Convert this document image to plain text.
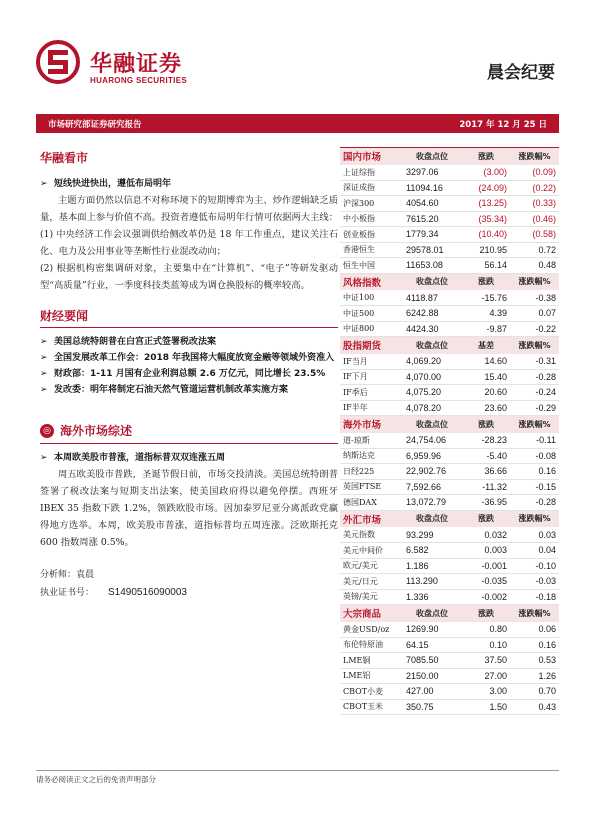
华融证券
HUARONG SECURITIES	晨会纪要
市场研究部证券研究报告	2017 年 12 月 25 日
华融看市
➢ 短线快进快出，遵低布局明年

主题方面仍然以信息不对称环境下的短期博弈为主、炒作逻辑缺乏质量，基本面上参与价值不高。投资者遵低布局明年行情可依据两大主线：(1) 中央经济工作会议强调供给侧改革仍是 18 年工作重点，建议关注石化、电力及公用事业等垄断性行业混改动向；

(2) 根据机构密集调研对象，主要集中在“计算机”、“电子”等研发驱动型“高质量”行业，一季度科技类蓝筹成为调仓换股标的概率较高。

财经要闻
➢ 美国总统特朗普在白宫正式签署税改法案
➢ 全国发展改革工作会：2018 年我国将大幅度放宽金融等领域外资准入
➢ 财政部：1-11 月国有企业利润总额 2.6 万亿元，同比增长 23.5%
➢ 发改委：明年将制定石油天然气管道运营机制改革实施方案
◎ 海外市场综述
➢ 本周欧美股市普涨，道指标普双双连涨五周

周五欧美股市普跌，圣诞节假日前，市场交投清淡。美国总统特朗普签署了税改法案与短期支出法案，使美国政府得以避免停摆。西班牙 IBEX 35 指数下跌 1.2%，领跌欧股市场。因加泰罗尼亚分离派政党赢得地方选举。本周，欧美股市普涨，道指标普均五周连涨。泛欧斯托克 600 指数周涨 0.5%。

分析师：袁晨
执业证书号： S1490516090003
国内市场	收盘点位	涨跌	涨跌幅%
上证综指	3297.06	(3.00)	(0.09)
深证成指	11094.16	(24.09)	(0.22)
沪深300	4054.60	(13.25)	(0.33)
中小板指	7615.20	(35.34)	(0.46)
创业板指	1779.34	(10.40)	(0.58)
香港恒生	29578.01	210.95	0.72
恒生中国	11653.08	56.14	0.48
风格指数	收盘点位	涨跌	涨跌幅%
中证100	4118.87	-15.76	-0.38
中证500	6242.88	4.39	0.07
中证800	4424.30	-9.87	-0.22
股指期货	收盘点位	基差	涨跌幅%
IF当月	4,069.20	14.60	-0.31
IF下月	4,070.00	15.40	-0.28
IF季后	4,075.20	20.60	-0.24
IF半年	4,078.20	23.60	-0.29
海外市场	收盘点位	涨跌	涨跌幅%
道-琼斯	24,754.06	-28.23	-0.11
纳斯达克	6,959.96	-5.40	-0.08
日经225	22,902.76	36.66	0.16
英国FTSE	7,592.66	-11.32	-0.15
德国DAX	13,072.79	-36.95	-0.28
外汇市场	收盘点位	涨跌	涨跌幅%
美元指数	93.299	0.032	0.03
美元中间价	6.582	0.003	0.04
欧元/美元	1.186	-0.001	-0.10
美元/日元	113.290	-0.035	-0.03
英镑/美元	1.336	-0.002	-0.18
大宗商品	收盘点位	涨跌	涨跌幅%
黄金USD/oz	1269.90	0.80	0.06
布伦特原油	64.15	0.10	0.16
LME铜	7085.50	37.50	0.53
LME铝	2150.00	27.00	1.26
CBOT小麦	427.00	3.00	0.70
CBOT玉米	350.75	1.50	0.43
请务必阅读正文之后的免责声明部分
